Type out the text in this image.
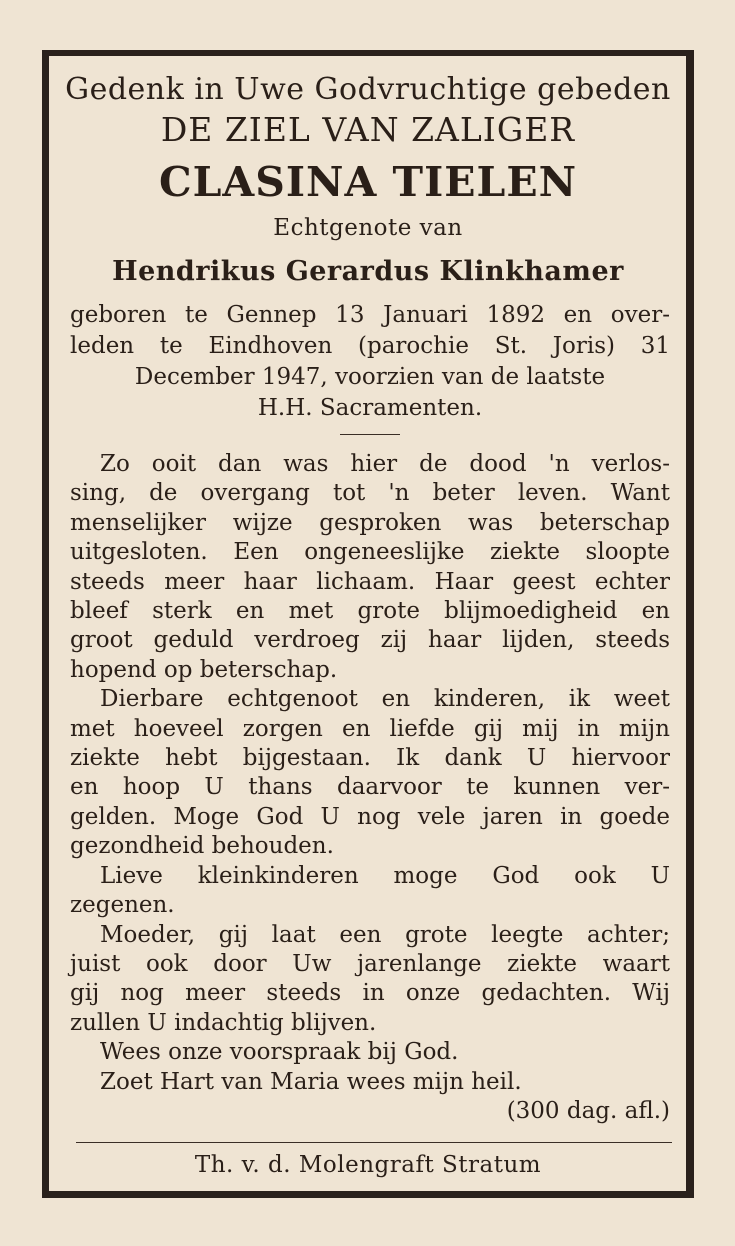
Gedenk in Uwe Godvruchtige gebeden
DE ZIEL VAN ZALIGER
CLASINA TIELEN
Echtgenote van
Hendrikus Gerardus Klinkhamer
geboren te Gennep 13 Januari 1892 en over-
leden te Eindhoven (parochie St. Joris) 31
December 1947, voorzien van de laatste
H.H. Sacramenten.
Zo ooit dan was hier de dood 'n verlos-
sing, de overgang tot 'n beter leven. Want
menselijker wijze gesproken was beterschap
uitgesloten. Een ongeneeslijke ziekte sloopte
steeds meer haar lichaam. Haar geest echter
bleef sterk en met grote blijmoedigheid en
groot geduld verdroeg zij haar lijden, steeds
hopend op beterschap.
Dierbare echtgenoot en kinderen, ik weet
met hoeveel zorgen en liefde gij mij in mijn
ziekte hebt bijgestaan. Ik dank U hiervoor
en hoop U thans daarvoor te kunnen ver-
gelden. Moge God U nog vele jaren in goede
gezondheid behouden.
Lieve kleinkinderen moge God ook U
zegenen.
Moeder, gij laat een grote leegte achter;
juist ook door Uw jarenlange ziekte waart
gij nog meer steeds in onze gedachten. Wij
zullen U indachtig blijven.
Wees onze voorspraak bij God.
Zoet Hart van Maria wees mijn heil.
(300 dag. afl.)
Th. v. d. Molengraft Stratum
